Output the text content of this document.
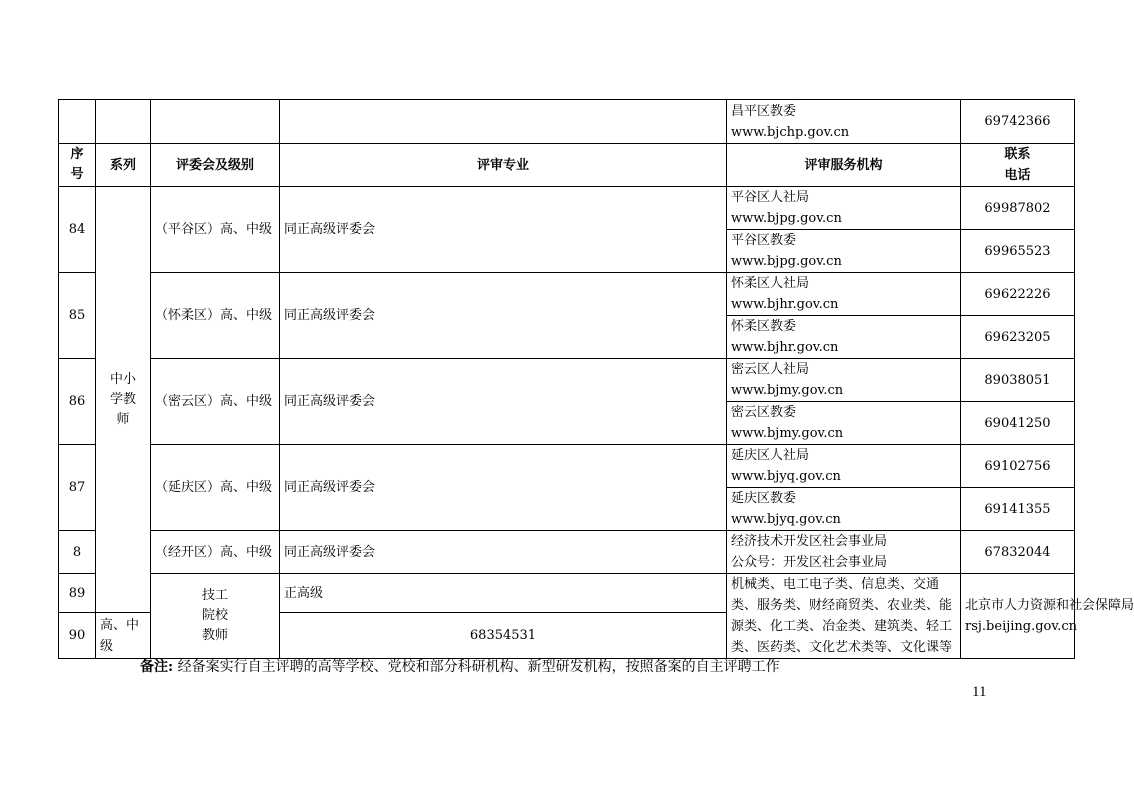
				昌平区教委
www.bjchp.gov.cn	69742366	

序号	系列	评委会及级别	评审专业	评审服务机构	联系电话	

84	中小学教师	（平谷区）高、中级	同正高级评委会	平谷区人社局
www.bjpg.gov.cn	69987802	

				平谷区教委
www.bjpg.gov.cn	69965523	
85		（怀柔区）高、中级	同正高级评委会	怀柔区人社局
www.bjhr.gov.cn	69622226	

				怀柔区教委
www.bjhr.gov.cn	69623205	
86		（密云区）高、中级	同正高级评委会	密云区人社局
www.bjmy.gov.cn	89038051	

				密云区教委
www.bjmy.gov.cn	69041250	
87		（延庆区）高、中级	同正高级评委会	延庆区人社局
www.bjyq.gov.cn	69102756	

				延庆区教委
www.bjyq.gov.cn	69141355	
8		（经开区）高、中级	同正高级评委会	经济技术开发区社会事业局
公众号：开发区社会事业局	67832044	
89		技工院校教师	正高级	机械类、电工电子类、信息类、交通类、服务类、财经商贸类、农业类、能源类、化工类、冶金类、建筑类、轻工类、医药类、文化艺术类等、文化课等	北京市人力资源和社会保障局
rsj.beijing.gov.cn

90	高、中级		68354531			
备注: 经备案实行自主评聘的高等学校、党校和部分科研机构、新型研发机构，按照备案的自主评聘工作
11
